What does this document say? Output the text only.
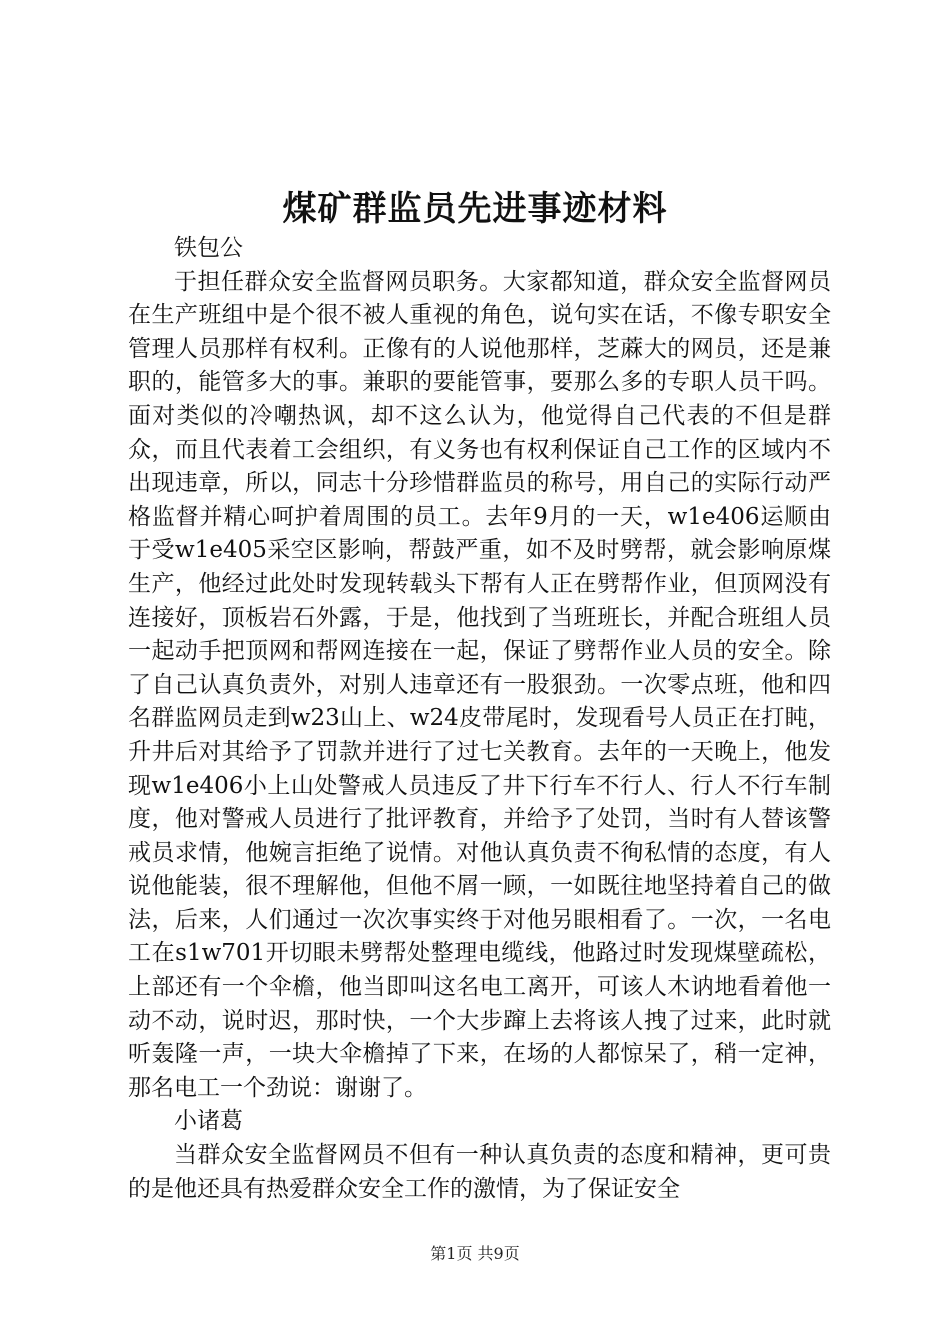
煤矿群监员先进事迹材料

铁包公

于担任群众安全监督网员职务。大家都知道，群众安全监督网员在生产班组中是个很不被人重视的角色，说句实在话，不像专职安全管理人员那样有权利。正像有的人说他那样，芝蔴大的网员，还是兼职的，能管多大的事。兼职的要能管事，要那么多的专职人员干吗。面对类似的冷嘲热讽，却不这么认为，他觉得自己代表的不但是群众，而且代表着工会组织，有义务也有权利保证自己工作的区域内不出现违章，所以，同志十分珍惜群监员的称号，用自己的实际行动严格监督并精心呵护着周围的员工。去年9月的一天，w1e406运顺由于受w1e405采空区影响，帮鼓严重，如不及时劈帮，就会影响原煤生产，他经过此处时发现转载头下帮有人正在劈帮作业，但顶网没有连接好，顶板岩石外露，于是，他找到了当班班长，并配合班组人员一起动手把顶网和帮网连接在一起，保证了劈帮作业人员的安全。除了自己认真负责外，对别人违章还有一股狠劲。一次零点班，他和四名群监网员走到w23山上、w24皮带尾时，发现看号人员正在打盹，升井后对其给予了罚款并进行了过七关教育。去年的一天晚上，他发现w1e406小上山处警戒人员违反了井下行车不行人、行人不行车制度，他对警戒人员进行了批评教育，并给予了处罚，当时有人替该警戒员求情，他婉言拒绝了说情。对他认真负责不徇私情的态度，有人说他能装，很不理解他，但他不屑一顾，一如既往地坚持着自己的做法，后来，人们通过一次次事实终于对他另眼相看了。一次，一名电工在s1w701开切眼未劈帮处整理电缆线，他路过时发现煤壁疏松，上部还有一个伞檐，他当即叫这名电工离开，可该人木讷地看着他一动不动，说时迟，那时快，一个大步蹿上去将该人拽了过来，此时就听轰隆一声，一块大伞檐掉了下来，在场的人都惊呆了，稍一定神，那名电工一个劲说：谢谢了。

小诸葛

当群众安全监督网员不但有一种认真负责的态度和精神，更可贵的是他还具有热爱群众安全工作的激情，为了保证安全

第1页 共9页
